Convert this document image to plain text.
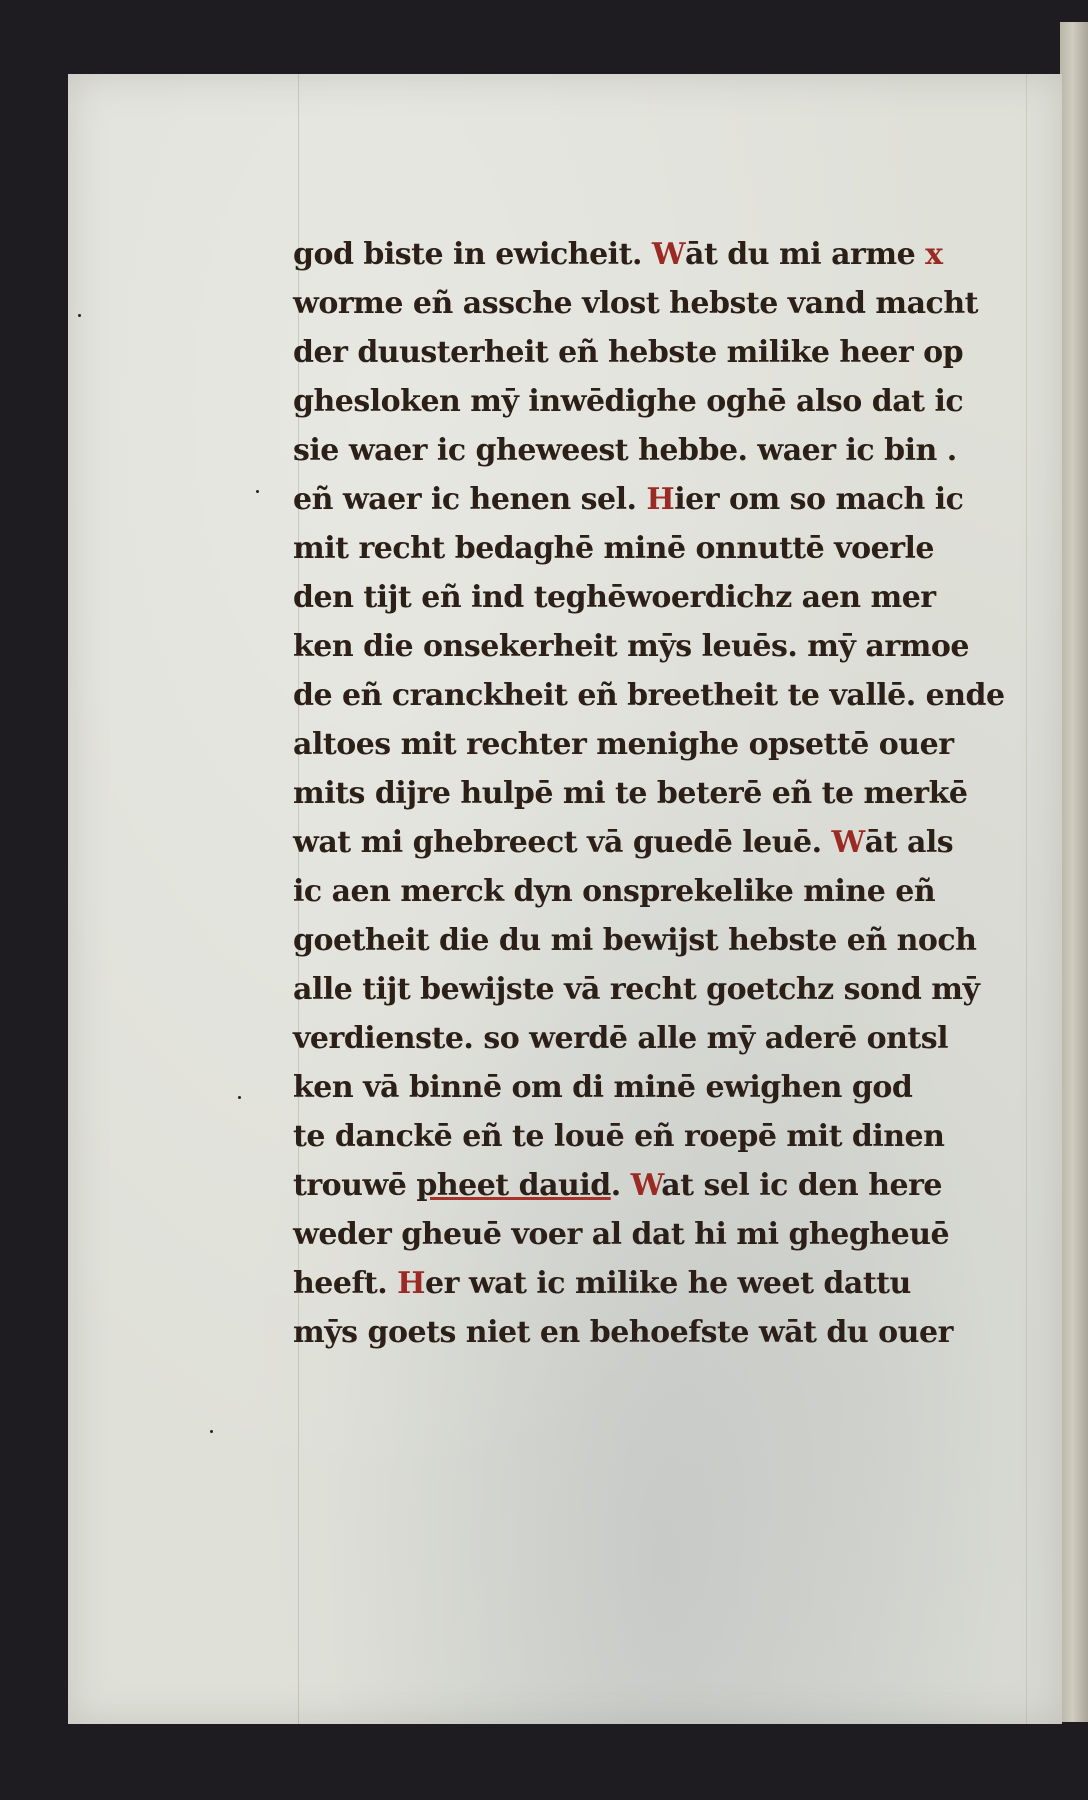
god biste in ewicheit. Wāt du mi arme x
worme eñ assche vlost hebste vand macht
der duusterheit eñ hebste milike heer op
ghesloken mȳ inwēdighe oghē also dat ic
sie waer ic gheweest hebbe. waer ic bin .
eñ waer ic henen sel. Hier om so mach ic
mit recht bedaghē minē onnuttē voerle
den tijt eñ ind teghēwoerdichz aen mer
ken die onsekerheit mȳs leuēs. mȳ armoe
de eñ cranckheit eñ breetheit te vallē. ende
altoes mit rechter menighe opsettē ouer
mits dijre hulpē mi te beterē eñ te merkē
wat mi ghebreect vā guedē leuē. Wāt als
ic aen merck dyn onsprekelike mine eñ
goetheit die du mi bewijst hebste eñ noch
alle tijt bewijste vā recht goetchz sond mȳ
verdienste. so werdē alle mȳ aderē ontsl
ken vā binnē om di minē ewighen god
te danckē eñ te louē eñ roepē mit dinen
trouwē pheet dauid. Wat sel ic den here
weder gheuē voer al dat hi mi ghegheuē
heeft. Her wat ic milike he weet dattu
mȳs goets niet en behoefste wāt du ouer
